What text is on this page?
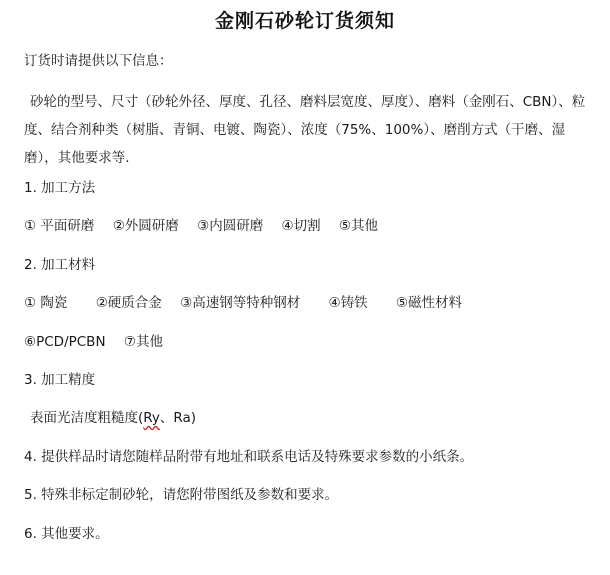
金刚石砂轮订货须知
订货时请提供以下信息：
砂轮的型号、尺寸（砂轮外径、厚度、孔径、磨料层宽度、厚度）、磨料（金刚石、CBN）、粒度、结合剂种类（树脂、青铜、电镀、陶瓷）、浓度（75%、100%）、磨削方式（干磨、湿磨），其他要求等.
1. 加工方法
① 平面研磨 ②外圆研磨 ③内圆研磨 ④切割 ⑤其他
2. 加工材料
① 陶瓷 ②硬质合金 ③高速钢等特种钢材 ④铸铁 ⑤磁性材料
⑥PCD/PCBN ⑦其他
3. 加工精度
表面光洁度粗糙度(Ry、Ra)
4. 提供样品时请您随样品附带有地址和联系电话及特殊要求参数的小纸条。
5. 特殊非标定制砂轮，请您附带图纸及参数和要求。
6. 其他要求。
